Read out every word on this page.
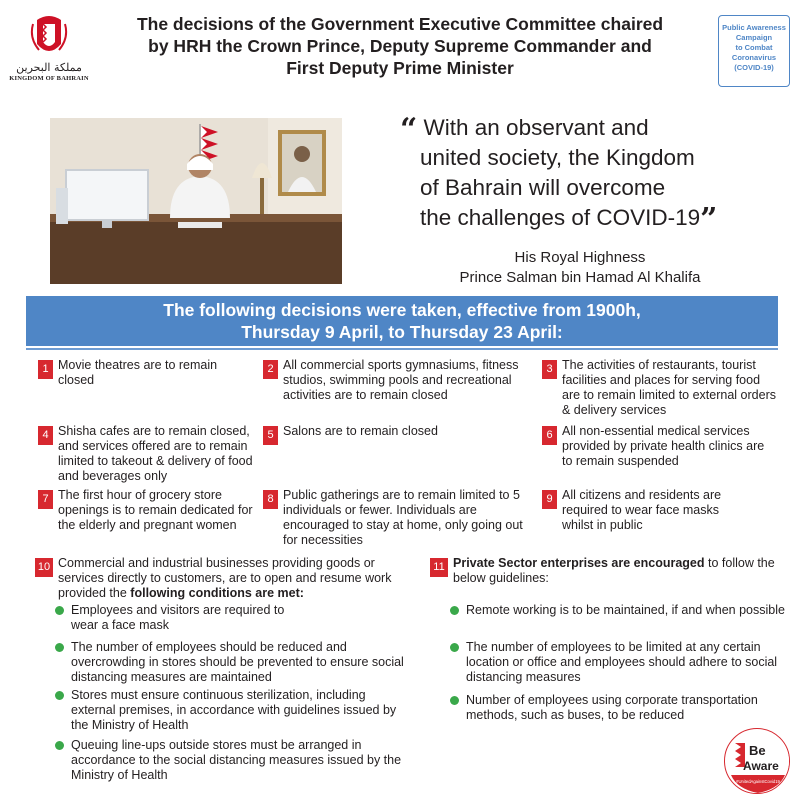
مملكة البحرين
KINGDOM OF BAHRAIN
The decisions of the Government Executive Committee chaired
by HRH the Crown Prince, Deputy Supreme Commander and
First Deputy Prime Minister
Public Awareness
Campaign
to Combat
Coronavirus
(COVID-19)
“ With an observant and
united society, the Kingdom
of Bahrain will overcome
the challenges of COVID-19”
His Royal Highness
Prince Salman bin Hamad Al Khalifa
The following decisions were taken, effective from 1900h,
Thursday 9 April, to Thursday 23 April:
1 Movie theatres are to remain closed
2 All commercial sports gymnasiums, fitness studios, swimming pools and recreational activities are to remain closed
3 The activities of restaurants, tourist facilities and places for serving food are to remain limited to external orders & delivery services
4 Shisha cafes are to remain closed, and services offered are to remain limited to takeout & delivery of food and beverages only
5 Salons are to remain closed	6 All non-essential medical services provided by private health clinics are to remain suspended
7 The first hour of grocery store openings is to remain dedicated for the elderly and pregnant women
8 Public gatherings are to remain limited to 5 individuals or fewer. Individuals are encouraged to stay at home, only going out for necessities
9 All citizens and residents are required to wear face masks whilst in public
10 Commercial and industrial businesses providing goods or services directly to customers, are to open and resume work provided the following conditions are met:
Employees and visitors are required to wear a face mask
The number of employees should be reduced and overcrowding in stores should be prevented to ensure social distancing measures are maintained
Stores must ensure continuous sterilization, including external premises, in accordance with guidelines issued by the Ministry of Health
Queuing line-ups outside stores must be arranged in accordance to the social distancing measures issued by the Ministry of Health
11 Private Sector enterprises are encouraged to follow the below guidelines:
Remote working is to be maintained, if and when possible
The number of employees to be limited at any certain location or office and employees should adhere to social distancing measures
Number of employees using corporate transportation methods, such as buses, to be reduced
Be
Aware
#UnitedAgainstCovid19
